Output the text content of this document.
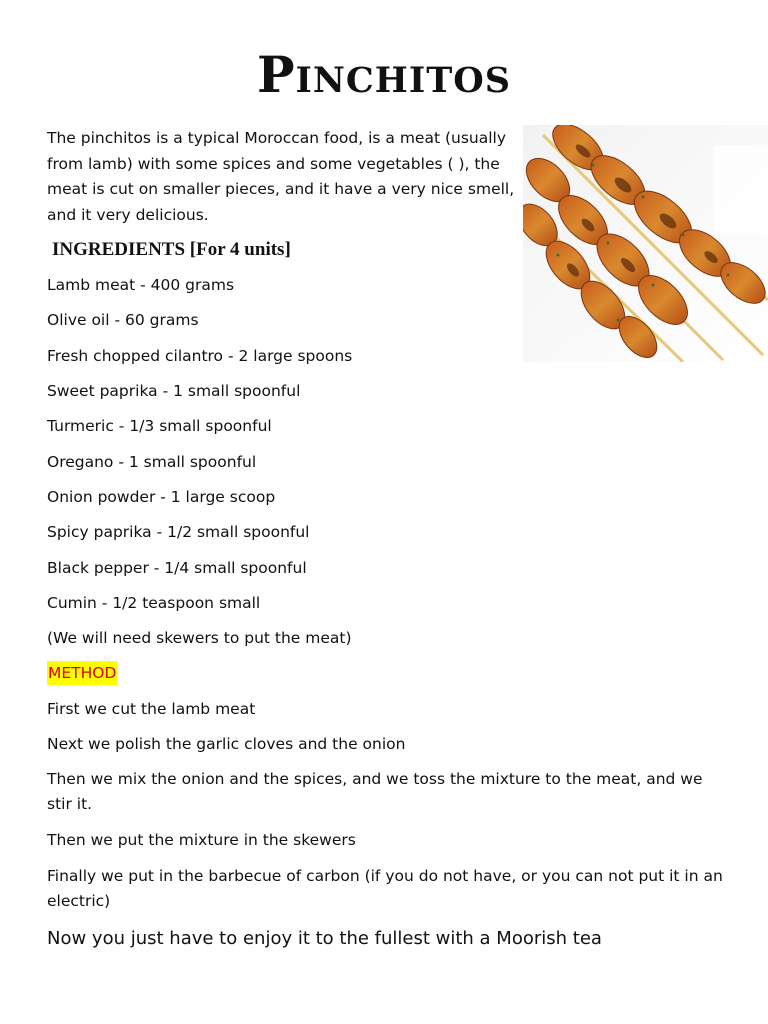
Pinchitos

The pinchitos is a typical Moroccan food, is a meat (usually from lamb) with some spices and some vegetables ( ), the meat is cut on smaller pieces, and it have a very nice smell, and it very delicious.

INGREDIENTS [For 4 units]

Lamb meat - 400 grams

Olive oil - 60 grams

Fresh chopped cilantro - 2 large spoons

Sweet paprika - 1 small spoonful

Turmeric - 1/3 small spoonful

Oregano - 1 small spoonful

Onion powder - 1 large scoop

Spicy paprika - 1/2 small spoonful

Black pepper - 1/4 small spoonful

Cumin - 1/2 teaspoon small

(We will need skewers to put the meat)

METHOD

First we cut the lamb meat

Next we polish the garlic cloves and the onion

Then we mix the onion and the spices, and we toss the mixture to the meat, and we stir it.

Then we put the mixture in the skewers

Finally we put in the barbecue of carbon (if you do not have, or you can not put it in an electric)

Now you just have to enjoy it to the fullest with a Moorish tea
